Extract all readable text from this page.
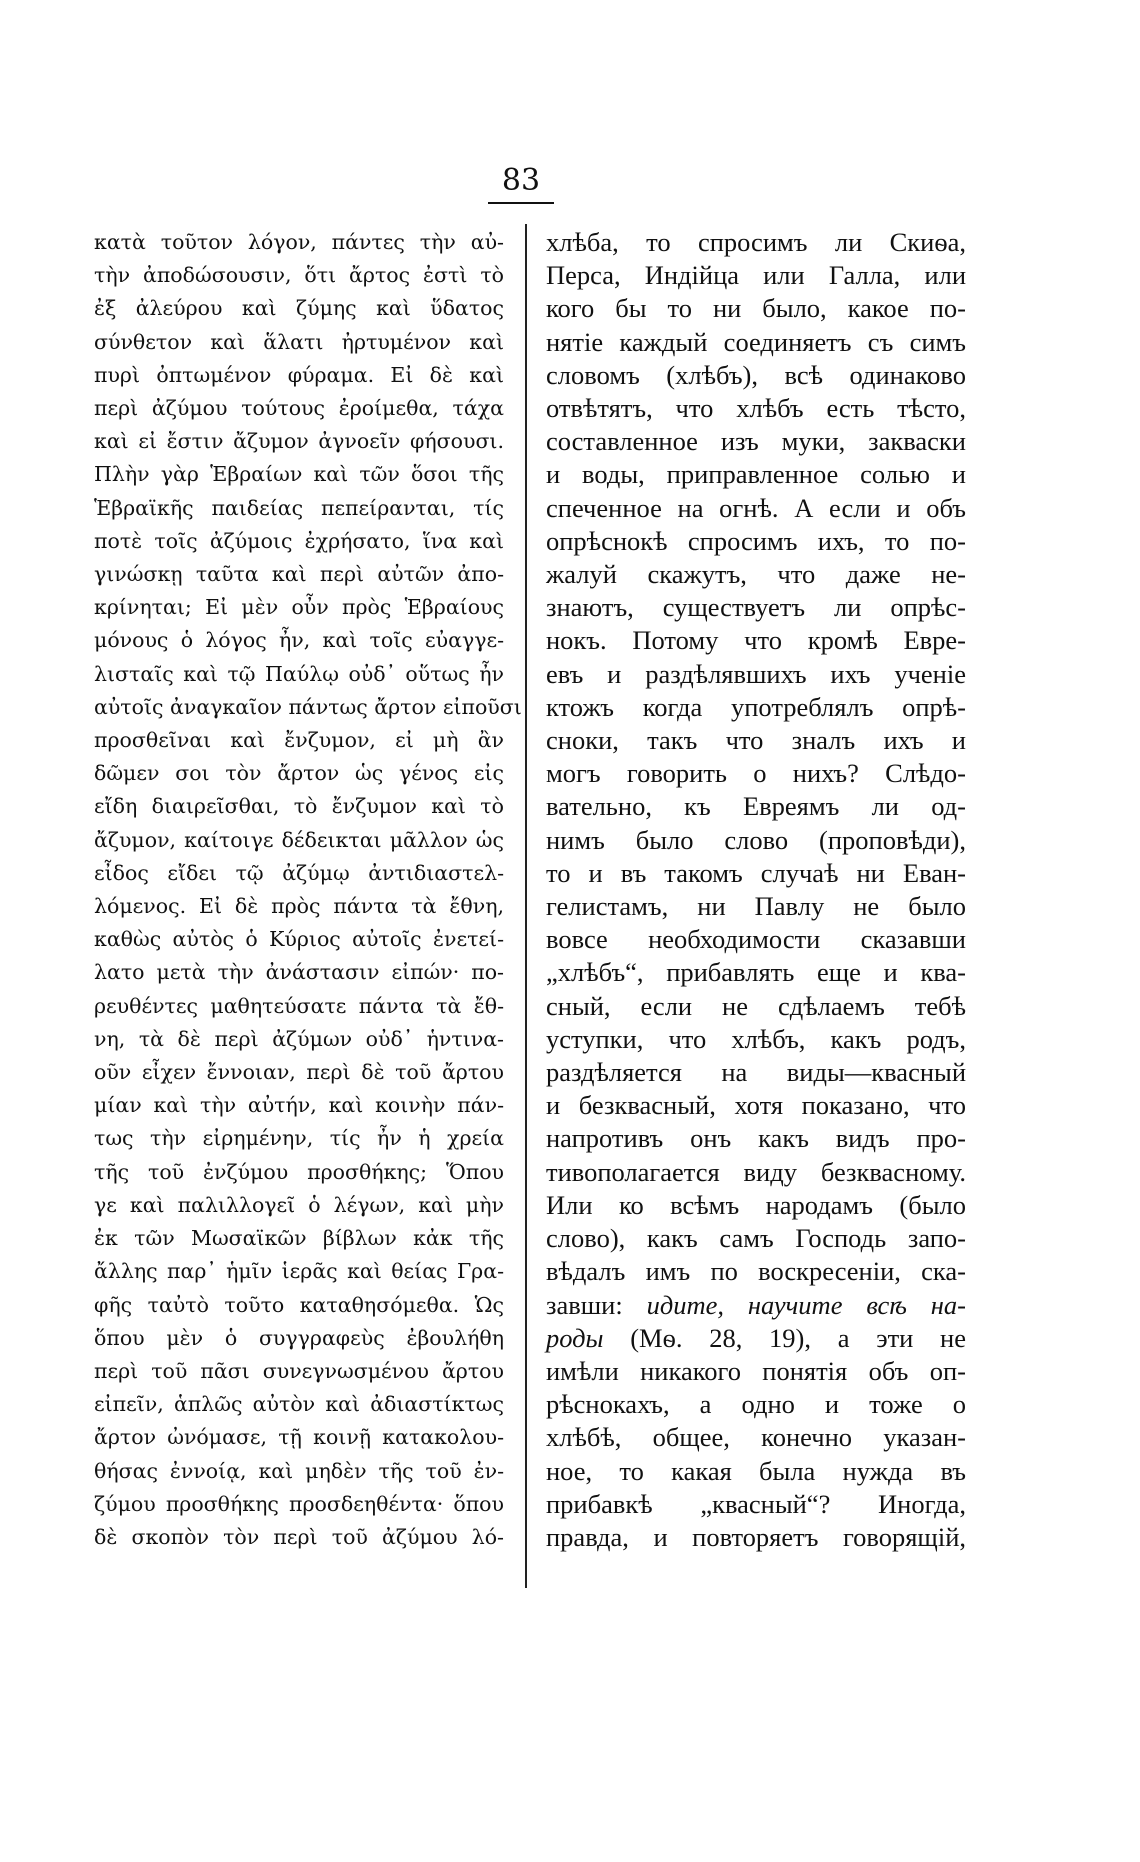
83
κατὰ τοῦτον λόγον, πάντες τὴν αὐ-
τὴν ἀποδώσουσιν, ὅτι ἄρτος ἐστὶ τὸ
ἐξ ἀλεύρου καὶ ζύμης καὶ ὕδατος
σύνθετον καὶ ἅλατι ἠρτυμένον καὶ
πυρὶ ὀπτωμένον φύραμα. Εἰ δὲ καὶ
περὶ ἀζύμου τούτους ἐροίμεθα, τάχα
καὶ εἰ ἔστιν ἄζυμον ἀγνοεῖν φήσουσι.
Πλὴν γὰρ Ἑβραίων καὶ τῶν ὅσοι τῆς
Ἑβραϊκῆς παιδείας πεπείρανται, τίς
ποτὲ τοῖς ἀζύμοις ἐχρήσατο, ἵνα καὶ
γινώσκῃ ταῦτα καὶ περὶ αὐτῶν ἀπο-
κρίνηται; Εἰ μὲν οὖν πρὸς Ἑβραίους
μόνους ὁ λόγος ἦν, καὶ τοῖς εὐαγγε-
λισταῖς καὶ τῷ Παύλῳ οὐδ᾽ οὕτως ἦν
αὐτοῖς ἀναγκαῖον πάντως ἄρτον εἰποῦσι
προσθεῖναι καὶ ἔνζυμον, εἰ μὴ ἂν
δῶμεν σοι τὸν ἄρτον ὡς γένος εἰς
εἴδη διαιρεῖσθαι, τὸ ἔνζυμον καὶ τὸ
ἄζυμον, καίτοιγε δέδεικται μᾶλλον ὡς
εἶδος εἴδει τῷ ἀζύμῳ ἀντιδιαστελ-
λόμενος. Εἰ δὲ πρὸς πάντα τὰ ἔθνη,
καθὼς αὐτὸς ὁ Κύριος αὐτοῖς ἐνετεί-
λατο μετὰ τὴν ἀνάστασιν εἰπών· πο-
ρευθέντες μαθητεύσατε πάντα τὰ ἔθ-
νη, τὰ δὲ περὶ ἀζύμων οὐδ᾽ ἡντινα-
οῦν εἶχεν ἔννοιαν, περὶ δὲ τοῦ ἄρτου
μίαν καὶ τὴν αὐτήν, καὶ κοινὴν πάν-
τως τὴν εἰρημένην, τίς ἦν ἡ χρεία
τῆς τοῦ ἐνζύμου προσθήκης; Ὅπου
γε καὶ παλιλλογεῖ ὁ λέγων, καὶ μὴν
ἐκ τῶν Μωσαϊκῶν βίβλων κἀκ τῆς
ἄλλης παρ᾽ ἡμῖν ἱερᾶς καὶ θείας Γρα-
φῆς ταὐτὸ τοῦτο καταθησόμεθα. Ὡς
ὅπου μὲν ὁ συγγραφεὺς ἐβουλήθη
περὶ τοῦ πᾶσι συνεγνωσμένου ἄρτου
εἰπεῖν, ἁπλῶς αὐτὸν καὶ ἀδιαστίκτως
ἄρτον ὠνόμασε, τῇ κοινῇ κατακολου-
θήσας ἐννοίᾳ, καὶ μηδὲν τῆς τοῦ ἐν-
ζύμου προσθήκης προσδεηθέντα· ὅπου
δὲ σκοπὸν τὸν περὶ τοῦ ἀζύμου λό-
хлѣба, то спросимъ ли Скиѳа,
Перса, Индійца или Галла, или
кого бы то ни было, какое по-
нятіе каждый соединяетъ съ симъ
словомъ (хлѣбъ), всѣ одинаково
отвѣтятъ, что хлѣбъ есть тѣсто,
составленное изъ муки, закваски
и воды, приправленное солью и
спеченное на огнѣ. А если и объ
опрѣснокѣ спросимъ ихъ, то по-
жалуй скажутъ, что даже не-
знаютъ, существуетъ ли опрѣс-
нокъ. Потому что кромѣ Евре-
евъ и раздѣлявшихъ ихъ ученіе
ктожъ когда употреблялъ опрѣ-
сноки, такъ что зналъ ихъ и
могъ говорить о нихъ? Слѣдо-
вательно, къ Евреямъ ли од-
нимъ было слово (проповѣди),
то и въ такомъ случаѣ ни Еван-
гелистамъ, ни Павлу не было
вовсе необходимости сказавши
„хлѣбъ“, прибавлять еще и ква-
сный, если не сдѣлаемъ тебѣ
уступки, что хлѣбъ, какъ родъ,
раздѣляется на виды—квасный
и безквасный, хотя показано, что
напротивъ онъ какъ видъ про-
тивополагается виду безквасному.
Или ко всѣмъ народамъ (было
слово), какъ самъ Господь запо-
вѣдалъ имъ по воскресеніи, ска-
завши: идите, научите всѣ на-
роды (Мѳ. 28, 19), а эти не
имѣли никакого понятія объ оп-
рѣснокахъ, а одно и тоже о
хлѣбѣ, общее, конечно указан-
ное, то какая была нужда въ
прибавкѣ „квасный“? Иногда,
правда, и повторяетъ говорящій,
